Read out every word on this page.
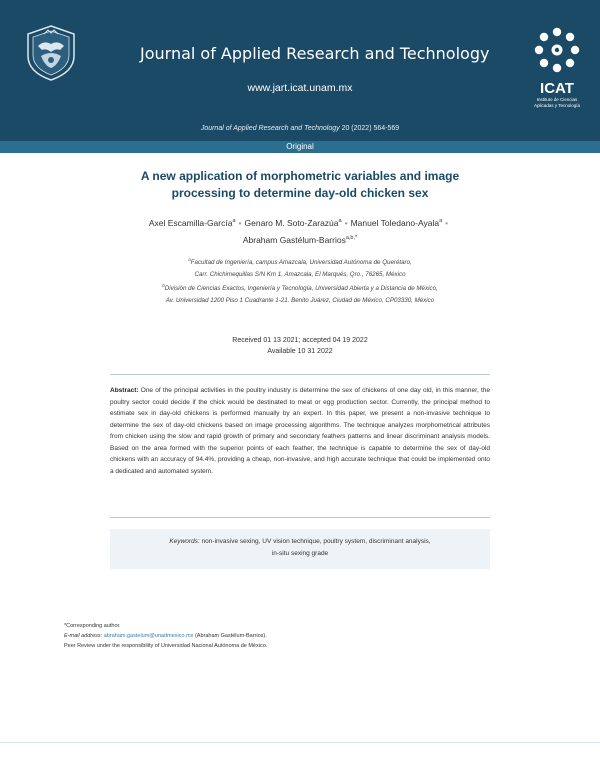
Journal of Applied Research and Technology
www.jart.icat.unam.mx
Journal of Applied Research and Technology 20 (2022) 564-569
ICAT
Instituto de Ciencias
Aplicadas y Tecnología
Original
A new application of morphometric variables and image
processing to determine day-old chicken sex
Axel Escamilla-García$^a$ • Genaro M. Soto-Zarazúa$^a$ • Manuel Toledano-Ayala$^a$ •
Abraham Gastélum-Barrios$^{a,b,*}$
$^a$Facultad de Ingeniería, campus Amazcala, Universidad Autónoma de Querétaro,
Carr. Chichimequillas S/N Km 1, Amazcala, El Marqués, Qro., 76265, México
$^b$División de Ciencias Exactos, Ingeniería y Tecnología, Universidad Abierta y a Distancia de México,
Av. Universidad 1200 Piso 1 Cuadrante 1-21. Benito Juárez, Ciudad de México, CP03330, México
Received 01 13 2021; accepted 04 19 2022
Available 10 31 2022
Abstract: One of the principal activities in the poultry industry is determine the sex of chickens of one day old, in this manner, the poultry sector could decide if the chick would be destinated to meat or egg production sector. Currently, the principal method to estimate sex in day-old chickens is performed manually by an expert. In this paper, we present a non-invasive technique to determine the sex of day-old chickens based on image processing algorithms. The technique analyzes morphometrical attributes from chicken using the slow and rapid growth of primary and secondary feathers patterns and linear discriminant analysis models. Based on the area formed with the superior points of each feather, the technique is capable to determine the sex of day-old chickens with an accuracy of 94.4%, providing a cheap, non-invasive, and high accurate technique that could be implemented onto a dedicated and automated system.
Keywords: non-invasive sexing, UV vision technique, poultry system, discriminant analysis,
in-situ sexing grade
*Corresponding author.
E-mail address: abraham.gastelum@unadmexico.mx (Abraham Gastélum-Barrios).
Peer Review under the responsibility of Universidad Nacional Autónoma de México.
